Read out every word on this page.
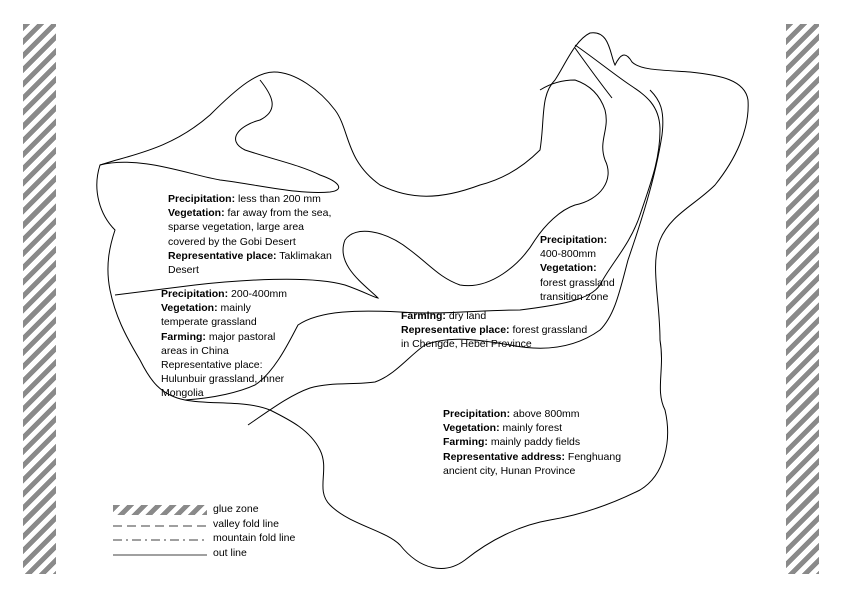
Precipitation: less than 200 mm
Vegetation: far away from the sea,
sparse vegetation, large area
covered by the Gobi Desert
Representative place: Taklimakan
Desert
Precipitation: 200-400mm
Vegetation: mainly
temperate grassland
Farming: major pastoral
areas in China
Representative place:
Hulunbuir grassland, Inner
Mongolia
Precipitation:
400-800mm
Vegetation:
forest grassland
transition zone
Farming: dry land
Representative place: forest grassland
in Chengde, Hebei Province
Precipitation: above 800mm
Vegetation: mainly forest
Farming: mainly paddy fields
Representative address: Fenghuang
ancient city, Hunan Province
glue zone
valley fold line
mountain fold line
out line
